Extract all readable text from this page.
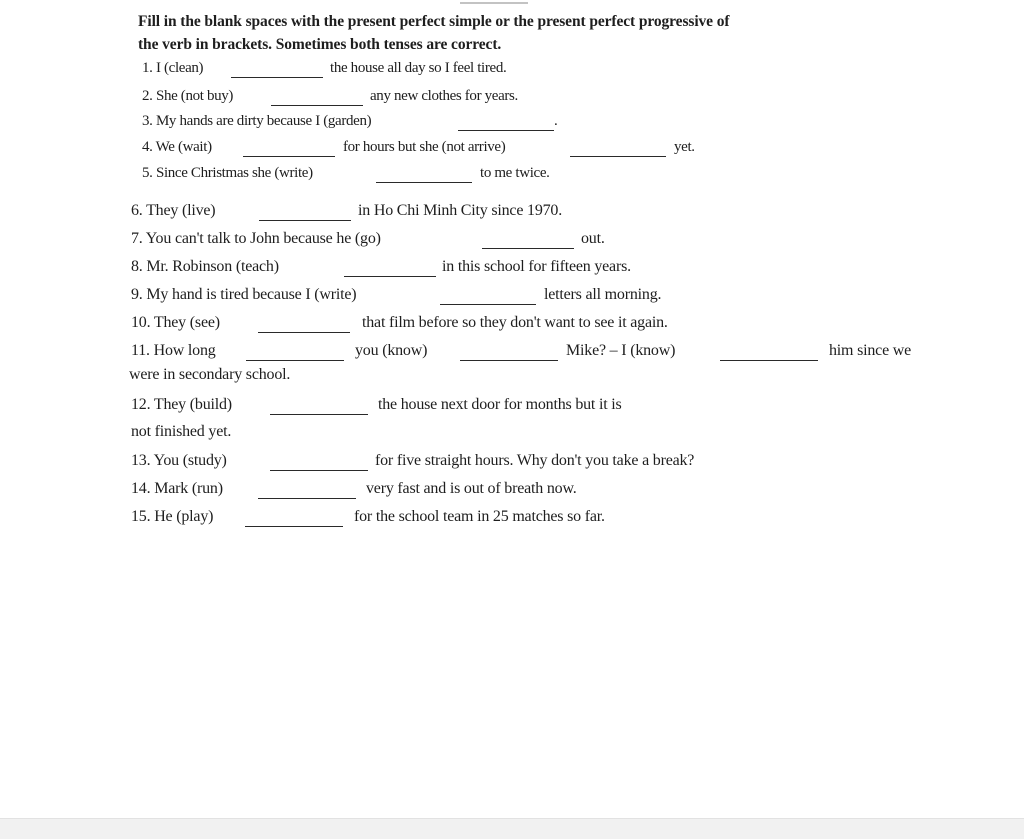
Fill in the blank spaces with the present perfect simple or the present perfect progressive of
the verb in brackets. Sometimes both tenses are correct.
1. I (clean)	the house all day so I feel tired.
2. She (not buy)	any new clothes for years.
3. My hands are dirty because I (garden)	.
4. We (wait)	for hours but she (not arrive)	yet.
5. Since Christmas she (write)	to me twice.
6. They (live)	in Ho Chi Minh City since 1970.
7. You can't talk to John because he (go)	out.
8. Mr. Robinson (teach)	in this school for fifteen years.
9. My hand is tired because I (write)	letters all morning.
10. They (see)	that film before so they don't want to see it again.
11. How long	you (know)	Mike? – I (know)	him since we
were in secondary school.
12. They (build)	the house next door for months but it is
not finished yet.
13. You (study)	for five straight hours. Why don't you take a break?
14. Mark (run)	very fast and is out of breath now.
15. He (play)	for the school team in 25 matches so far.
